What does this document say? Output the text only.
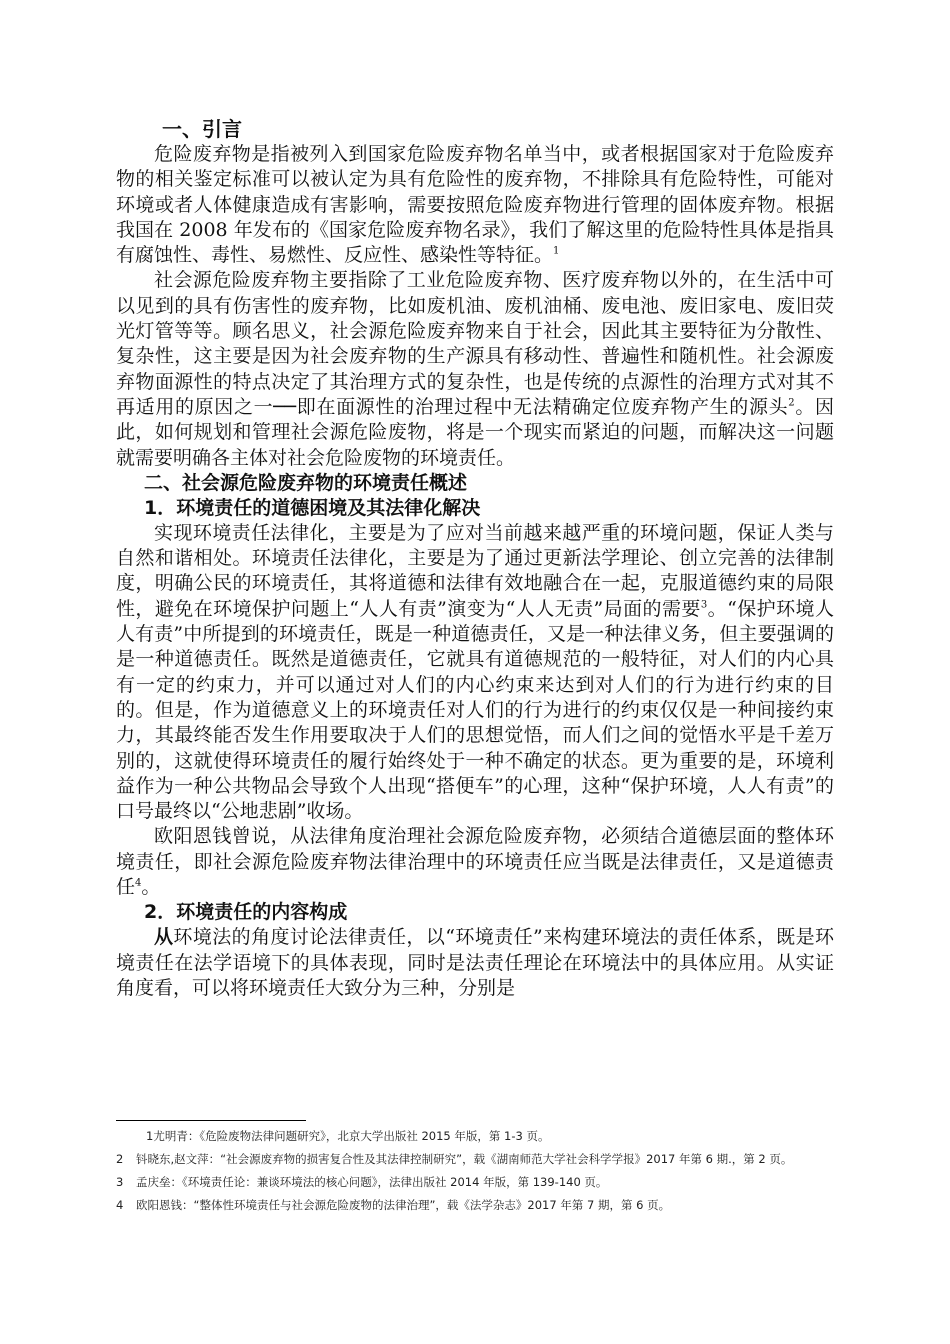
一、引言

危险废弃物是指被列入到国家危险废弃物名单当中，或者根据国家对于危险废弃物的相关鉴定标准可以被认定为具有危险性的废弃物，不排除具有危险特性，可能对环境或者人体健康造成有害影响，需要按照危险废弃物进行管理的固体废弃物。根据我国在 2008 年发布的《国家危险废弃物名录》，我们了解这里的危险特性具体是指具有腐蚀性、毒性、易燃性、反应性、感染性等特征。$^1$

社会源危险废弃物主要指除了工业危险废弃物、医疗废弃物以外的，在生活中可以见到的具有伤害性的废弃物，比如废机油、废机油桶、废电池、废旧家电、废旧荧光灯管等等。顾名思义，社会源危险废弃物来自于社会，因此其主要特征为分散性、复杂性，这主要是因为社会废弃物的生产源具有移动性、普遍性和随机性。社会源废弃物面源性的特点决定了其治理方式的复杂性，也是传统的点源性的治理方式对其不再适用的原因之一──即在面源性的治理过程中无法精确定位废弃物产生的源头$^2$。因此，如何规划和管理社会源危险废物，将是一个现实而紧迫的问题，而解决这一问题就需要明确各主体对社会危险废物的环境责任。

二、社会源危险废弃物的环境责任概述
1．环境责任的道德困境及其法律化解决

实现环境责任法律化，主要是为了应对当前越来越严重的环境问题，保证人类与自然和谐相处。环境责任法律化，主要是为了通过更新法学理论、创立完善的法律制度，明确公民的环境责任，其将道德和法律有效地融合在一起，克服道德约束的局限性，避免在环境保护问题上“人人有责”演变为“人人无责”局面的需要$^3$。“保护环境人人有责”中所提到的环境责任，既是一种道德责任，又是一种法律义务，但主要强调的是一种道德责任。既然是道德责任，它就具有道德规范的一般特征，对人们的内心具有一定的约束力，并可以通过对人们的内心约束来达到对人们的行为进行约束的目的。但是，作为道德意义上的环境责任对人们的行为进行的约束仅仅是一种间接约束力，其最终能否发生作用要取决于人们的思想觉悟，而人们之间的觉悟水平是千差万别的，这就使得环境责任的履行始终处于一种不确定的状态。更为重要的是，环境利益作为一种公共物品会导致个人出现“搭便车”的心理，这种“保护环境，人人有责”的口号最终以“公地悲剧”收场。

欧阳恩钱曾说，从法律角度治理社会源危险废弃物，必须结合道德层面的整体环境责任，即社会源危险废弃物法律治理中的环境责任应当既是法律责任，又是道德责任$^4$。

2．环境责任的内容构成

从环境法的角度讨论法律责任，以“环境责任”来构建环境法的责任体系，既是环境责任在法学语境下的具体表现，同时是法责任理论在环境法中的具体应用。从实证角度看，可以将环境责任大致分为三种，分别是

1尤明青：《危险废物法律问题研究》，北京大学出版社 2015 年版，第 1-3 页。
2 钭晓东,赵文萍：“社会源废弃物的损害复合性及其法律控制研究”，载《湖南师范大学社会科学学报》2017 年第 6 期.，第 2 页。
3 孟庆垒：《环境责任论：兼谈环境法的核心问题》，法律出版社 2014 年版，第 139-140 页。
4 欧阳恩钱：“整体性环境责任与社会源危险废物的法律治理”，载《法学杂志》2017 年第 7 期，第 6 页。
